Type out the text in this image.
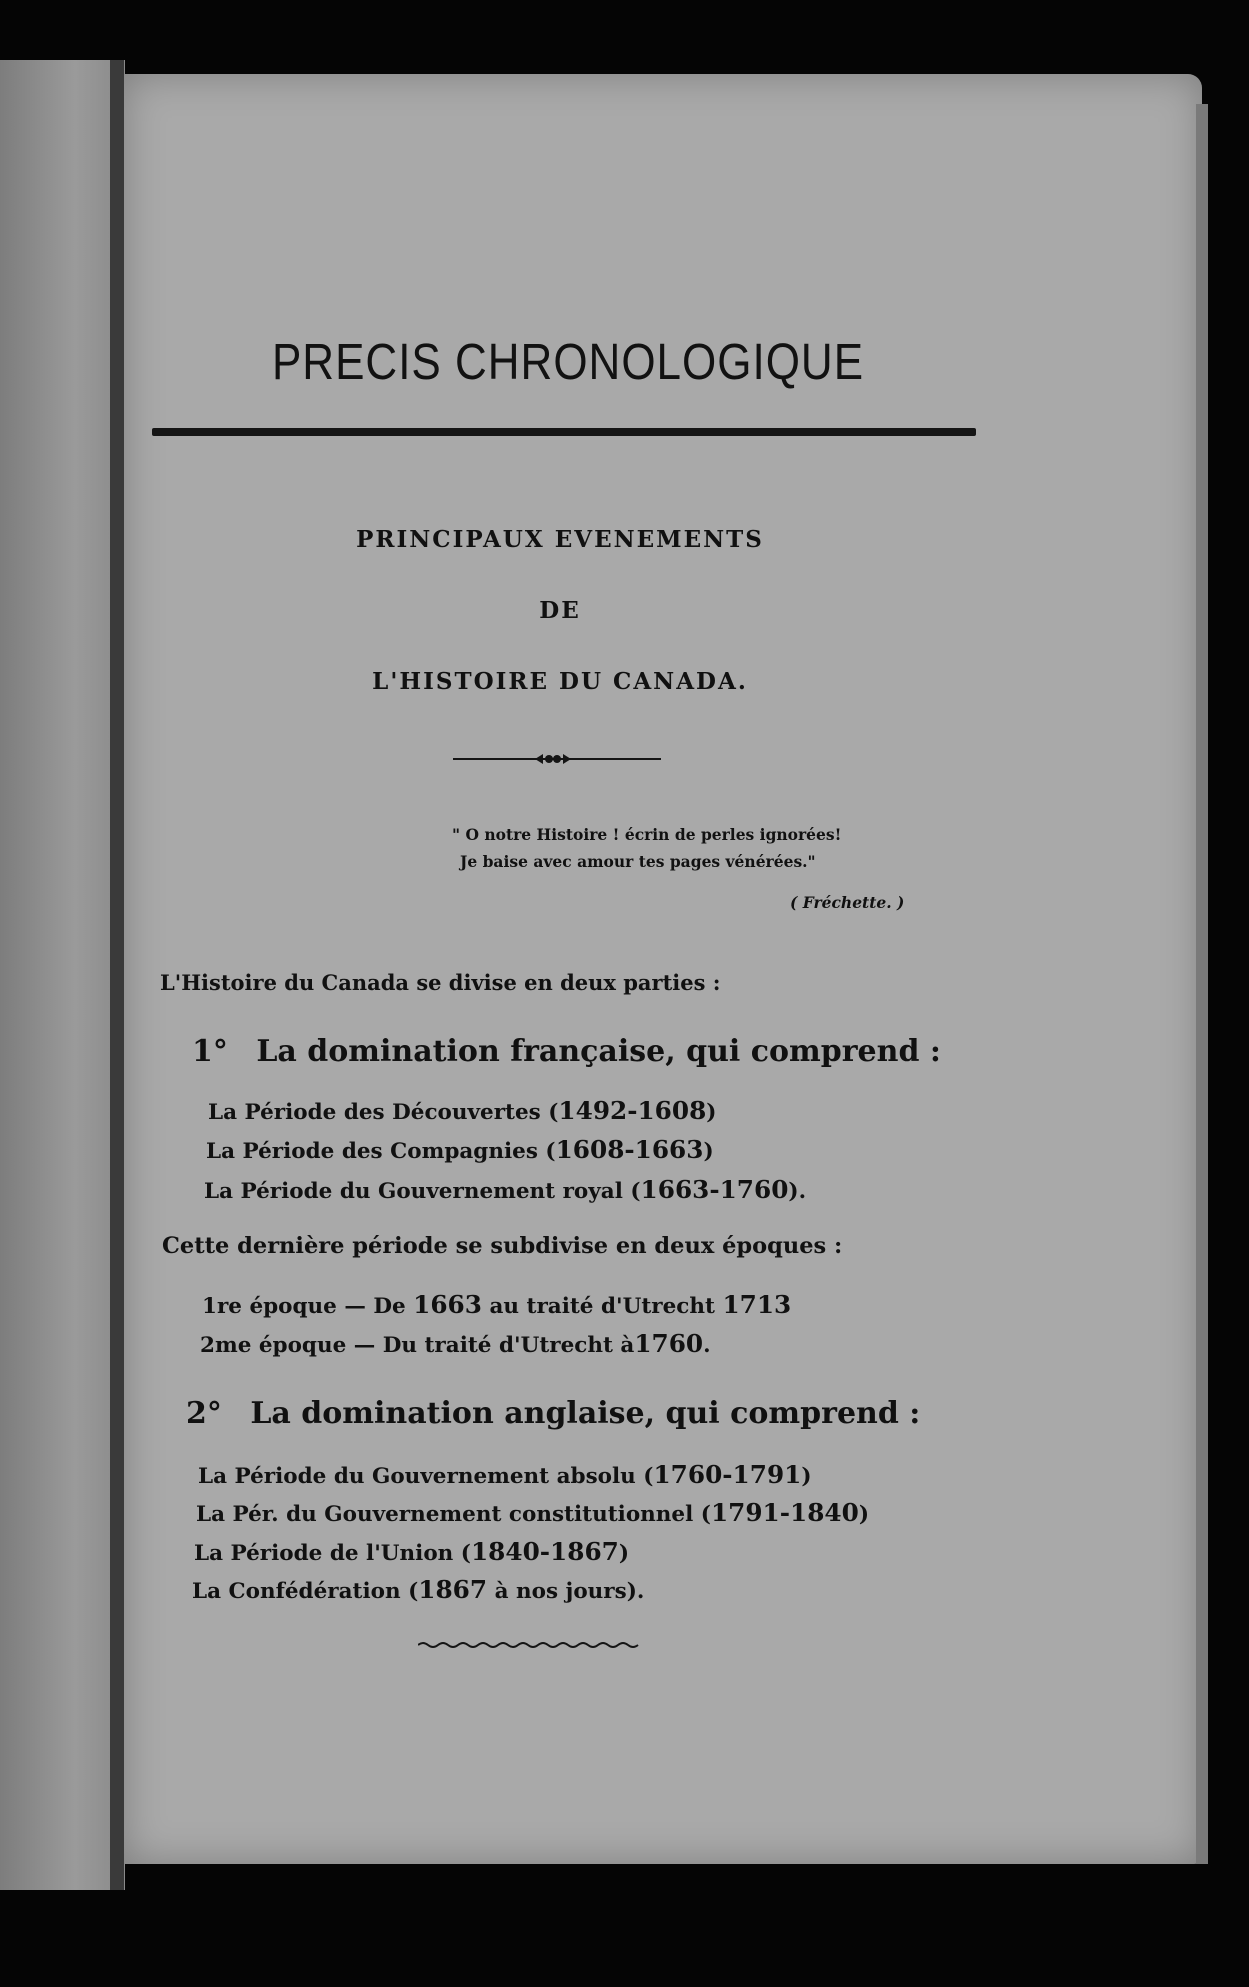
PRECIS CHRONOLOGIQUE
PRINCIPAUX EVENEMENTS
DE
L'HISTOIRE DU CANADA.
" O notre Histoire ! écrin de perles ignorées!
Je baise avec amour tes pages vénérées."
( Fréchette. )
L'Histoire du Canada se divise en deux parties :
1° La domination française, qui comprend :
La Période des Découvertes (1492-1608)
La Période des Compagnies (1608-1663)
La Période du Gouvernement royal (1663-1760).
Cette dernière période se subdivise en deux époques :
1re époque — De 1663 au traité d'Utrecht 1713
2me époque — Du traité d'Utrecht à1760.
2° La domination anglaise, qui comprend :
La Période du Gouvernement absolu (1760-1791)
La Pér. du Gouvernement constitutionnel (1791-1840)
La Période de l'Union (1840-1867)
La Confédération (1867 à nos jours).
